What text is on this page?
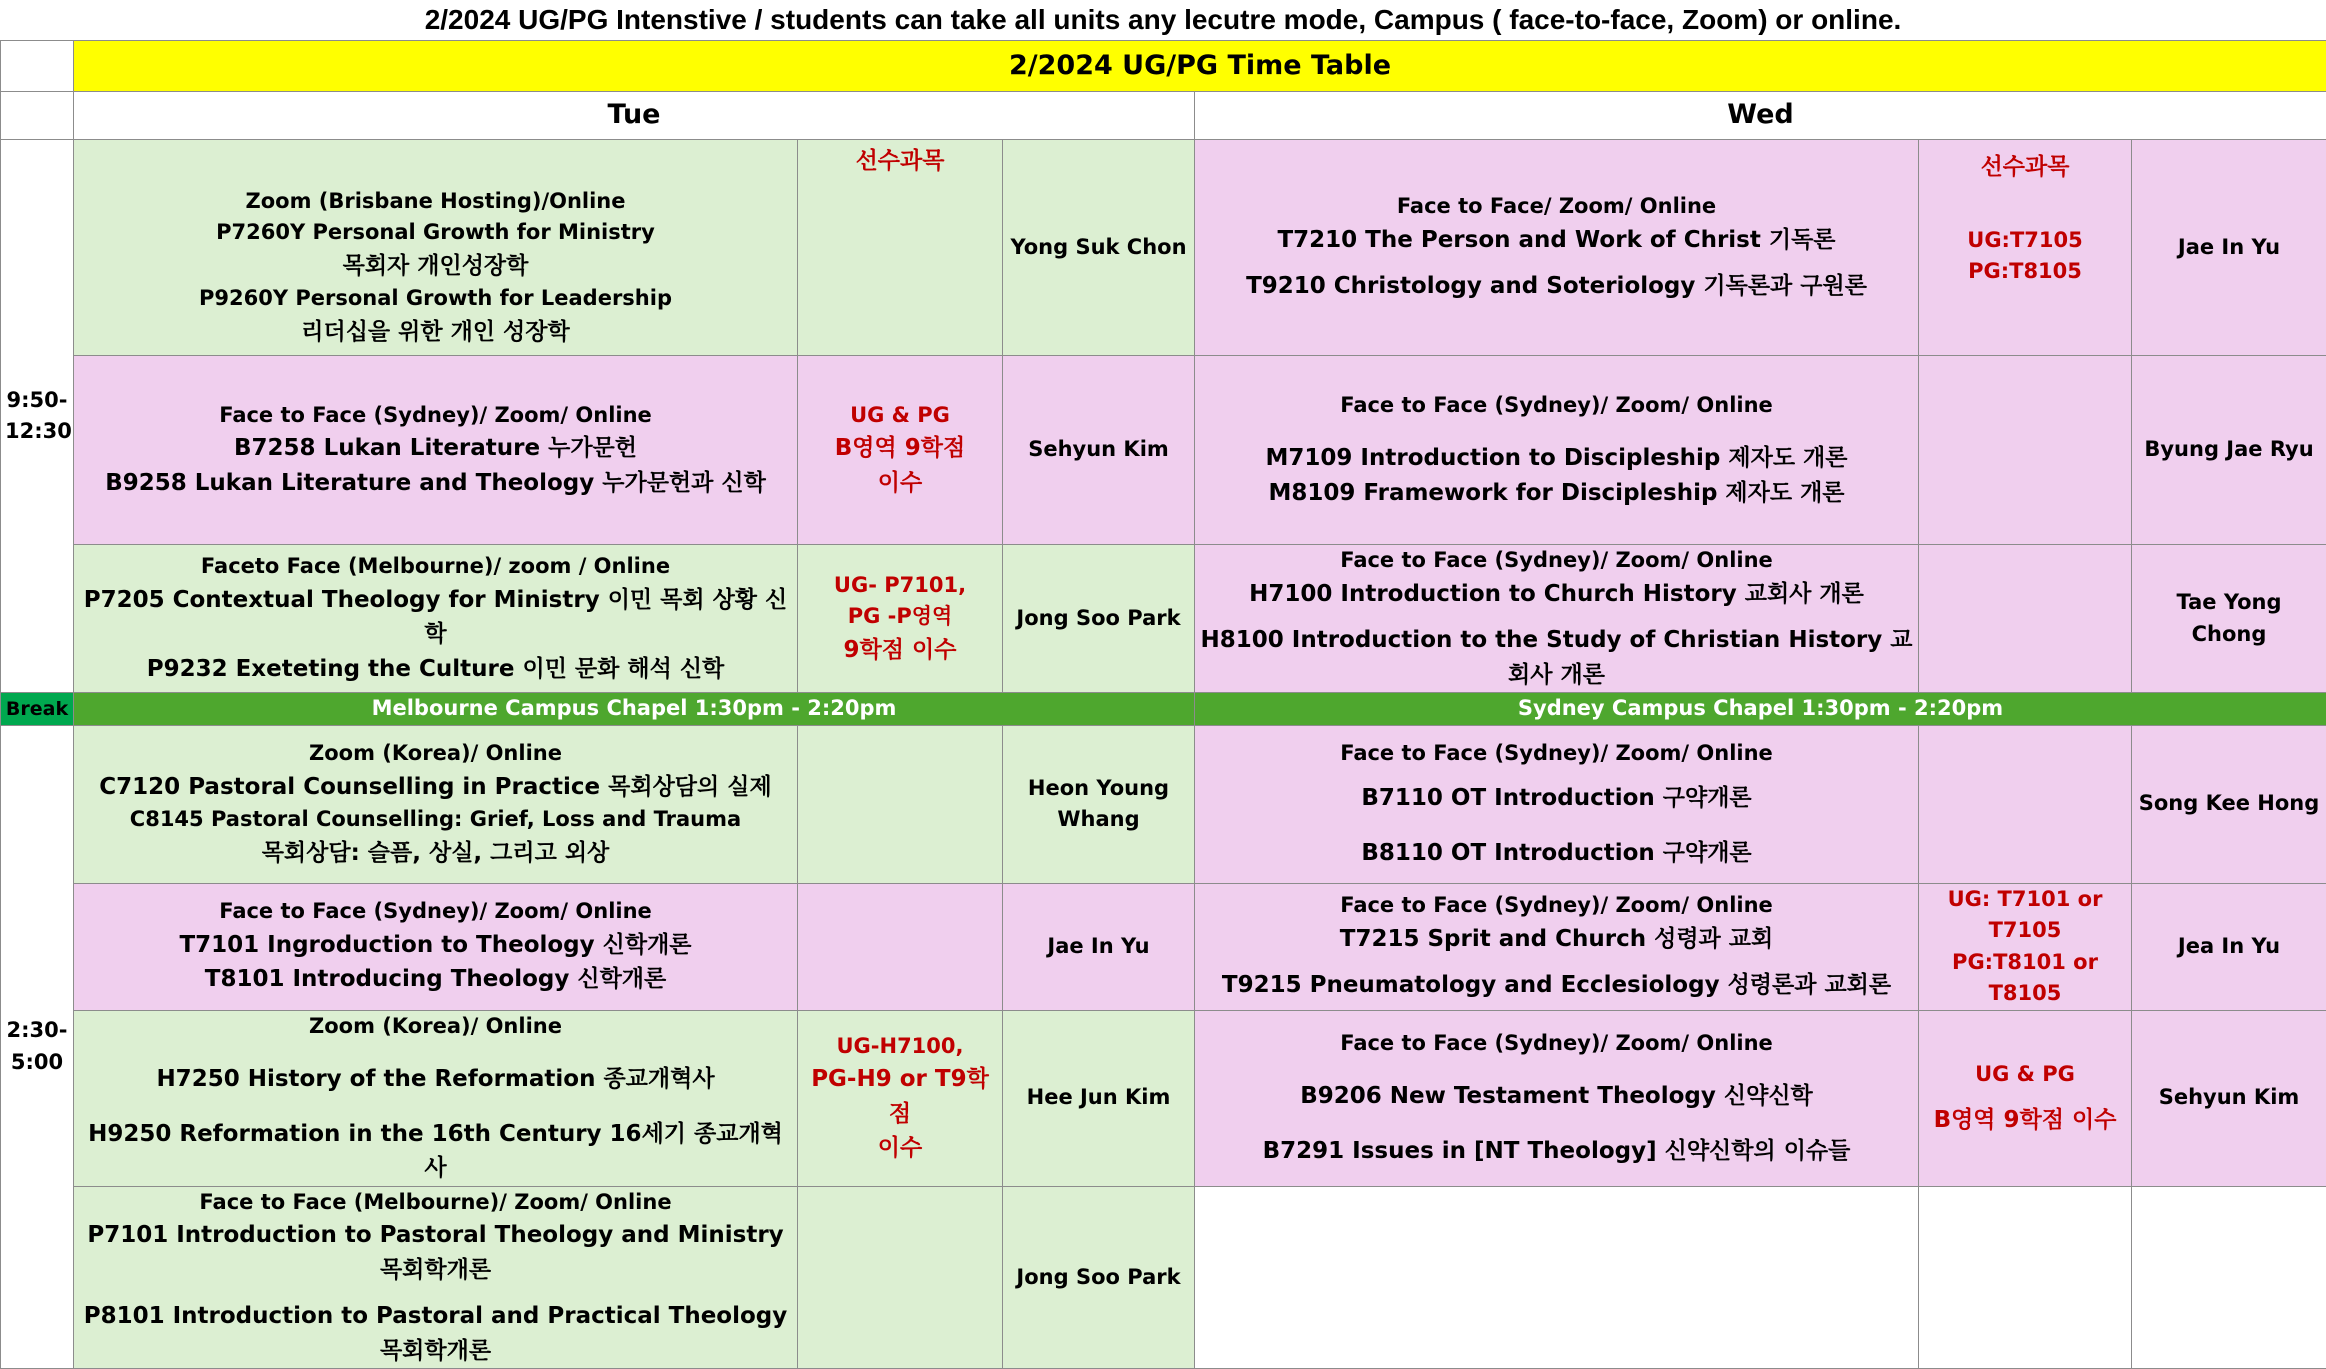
2/2024 UG/PG Intenstive / students can take all units any lecutre mode, Campus ( face-to-face, Zoom) or online.
	2/2024 UG/PG Time Table					
	Tue			Wed		

9:50-
12:30	Zoom (Brisbane Hosting)/Online
P7260Y Personal Growth for Ministry
목회자 개인성장학
P9260Y Personal Growth for Leadership
리더십을 위한 개인 성장학	선수과목	Yong Suk Chon	Face to Face/ Zoom/ Online
T7210 The Person and Work of Christ 기독론
T9210 Christology and Soteriology 기독론과 구원론	선수과목
UG:T7105
PG:T8105	Jae In Yu

	Face to Face (Sydney)/ Zoom/ Online
B7258 Lukan Literature 누가문헌
B9258 Lukan Literature and Theology 누가문헌과 신학	UG & PG
B영역 9학점
이수	Sehyun Kim	Face to Face (Sydney)/ Zoom/ Online
M7109 Introduction to Discipleship 제자도 개론
M8109 Framework for Discipleship 제자도 개론		Byung Jae Ryu

	Faceto Face (Melbourne)/ zoom / Online
P7205 Contextual Theology for Ministry 이민 목회 상황 신학
P9232 Exeteting the Culture 이민 문화 해석 신학	UG- P7101,
PG -P영역
9학점 이수	Jong Soo Park	Face to Face (Sydney)/ Zoom/ Online
H7100 Introduction to Church History 교회사 개론
H8100 Introduction to the Study of Christian History 교회사 개론		Tae Yong Chong
Break	Melbourne Campus Chapel 1:30pm - 2:20pm			Sydney Campus Chapel 1:30pm - 2:20pm		

2:30-
5:00	Zoom (Korea)/ Online
C7120 Pastoral Counselling in Practice 목회상담의 실제
C8145 Pastoral Counselling: Grief, Loss and Trauma
목회상담: 슬픔, 상실, 그리고 외상		Heon Young Whang	Face to Face (Sydney)/ Zoom/ Online
B7110 OT Introduction 구약개론
B8110 OT Introduction 구약개론		Song Kee Hong

	Face to Face (Sydney)/ Zoom/ Online
T7101 Ingroduction to Theology 신학개론
T8101 Introducing Theology 신학개론		Jae In Yu	Face to Face (Sydney)/ Zoom/ Online
T7215 Sprit and Church 성령과 교회
T9215 Pneumatology and Ecclesiology 성령론과 교회론	UG: T7101 or T7105
PG:T8101 or T8105	Jea In Yu

	Zoom (Korea)/ Online
H7250 History of the Reformation 종교개혁사
H9250 Reformation in the 16th Century 16세기 종교개혁사	UG-H7100,
PG-H9 or T9학점
이수	Hee Jun Kim	Face to Face (Sydney)/ Zoom/ Online
B9206 New Testament Theology 신약신학
B7291 Issues in [NT Theology] 신약신학의 이슈들	UG & PG
B영역 9학점 이수	Sehyun Kim

	Face to Face (Melbourne)/ Zoom/ Online
P7101 Introduction to Pastoral Theology and Ministry 목회학개론
P8101 Introduction to Pastoral and Practical Theology 목회학개론		Jong Soo Park			
